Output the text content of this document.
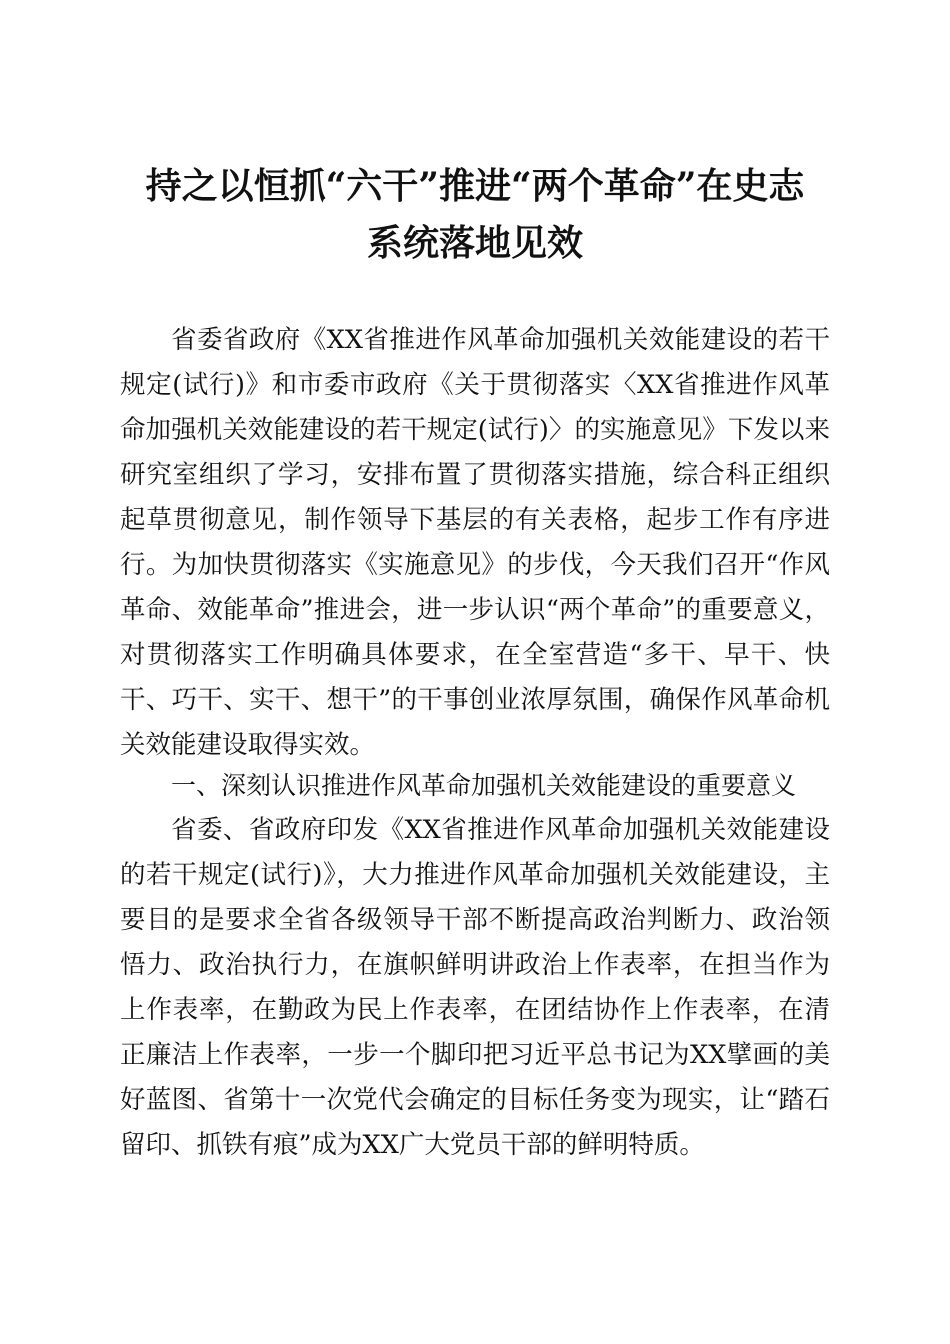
持之以恒抓“六干”推进“两个革命”在史志
系统落地见效

省委省政府《XX省推进作风革命加强机关效能建设的若干规定(试行)》和市委市政府《关于贯彻落实〈XX省推进作风革命加强机关效能建设的若干规定(试行)〉的实施意见》下发以来研究室组织了学习，安排布置了贯彻落实措施，综合科正组织起草贯彻意见，制作领导下基层的有关表格，起步工作有序进行。为加快贯彻落实《实施意见》的步伐，今天我们召开“作风革命、效能革命”推进会，进一步认识“两个革命”的重要意义，对贯彻落实工作明确具体要求，在全室营造“多干、早干、快干、巧干、实干、想干”的干事创业浓厚氛围，确保作风革命机关效能建设取得实效。

一、深刻认识推进作风革命加强机关效能建设的重要意义

省委、省政府印发《XX省推进作风革命加强机关效能建设的若干规定(试行)》，大力推进作风革命加强机关效能建设，主要目的是要求全省各级领导干部不断提高政治判断力、政治领悟力、政治执行力，在旗帜鲜明讲政治上作表率，在担当作为上作表率，在勤政为民上作表率，在团结协作上作表率，在清正廉洁上作表率，一步一个脚印把习近平总书记为XX擘画的美好蓝图、省第十一次党代会确定的目标任务变为现实，让“踏石留印、抓铁有痕”成为XX广大党员干部的鲜明特质。
